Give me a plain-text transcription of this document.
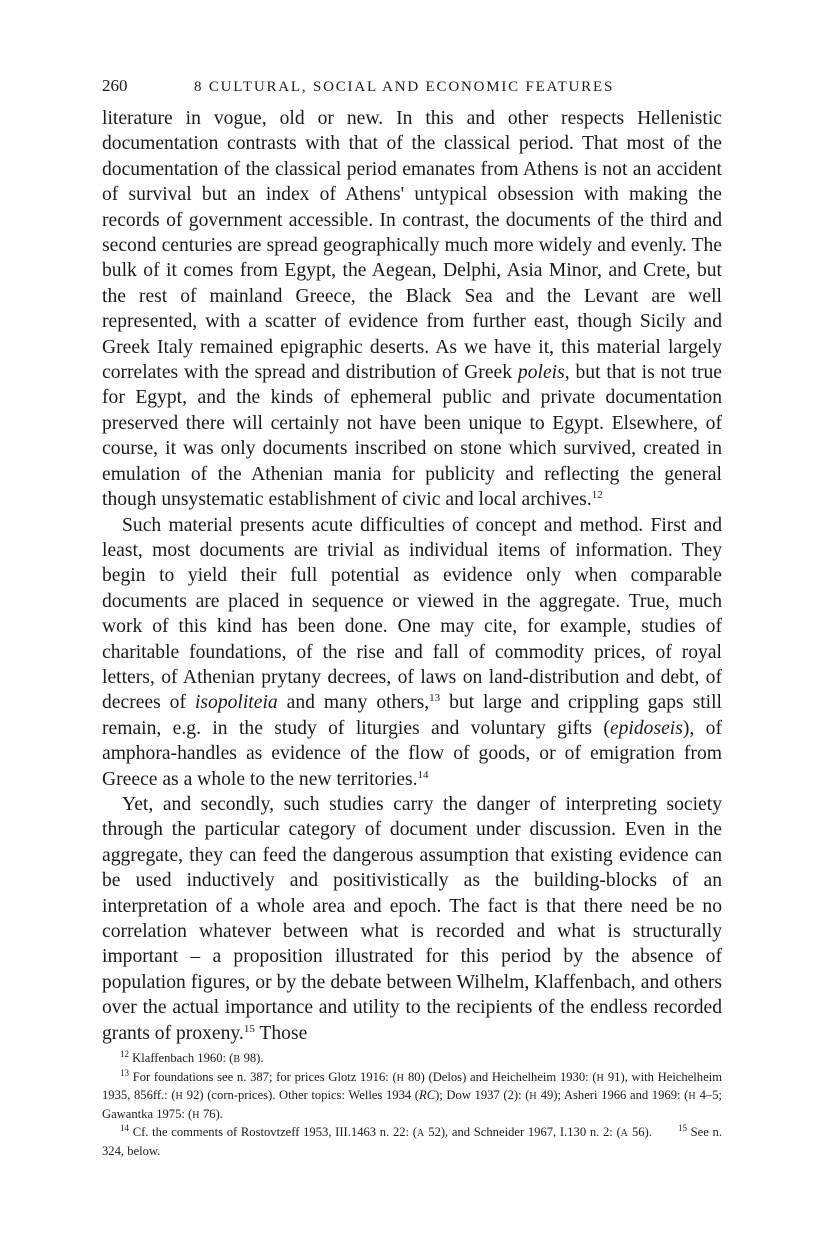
260	8 CULTURAL, SOCIAL AND ECONOMIC FEATURES

literature in vogue, old or new. In this and other respects Hellenistic documentation contrasts with that of the classical period. That most of the documentation of the classical period emanates from Athens is not an accident of survival but an index of Athens' untypical obsession with making the records of government accessible. In contrast, the documents of the third and second centuries are spread geographically much more widely and evenly. The bulk of it comes from Egypt, the Aegean, Delphi, Asia Minor, and Crete, but the rest of mainland Greece, the Black Sea and the Levant are well represented, with a scatter of evidence from further east, though Sicily and Greek Italy remained epigraphic deserts. As we have it, this material largely correlates with the spread and distribution of Greek poleis, but that is not true for Egypt, and the kinds of ephemeral public and private documentation preserved there will certainly not have been unique to Egypt. Elsewhere, of course, it was only documents inscribed on stone which survived, created in emulation of the Athenian mania for publicity and reflecting the general though unsystematic establishment of civic and local archives.$^{12}$

Such material presents acute difficulties of concept and method. First and least, most documents are trivial as individual items of information. They begin to yield their full potential as evidence only when comparable documents are placed in sequence or viewed in the aggregate. True, much work of this kind has been done. One may cite, for example, studies of charitable foundations, of the rise and fall of commodity prices, of royal letters, of Athenian prytany decrees, of laws on land-distribution and debt, of decrees of isopoliteia and many others,$^{13}$ but large and crippling gaps still remain, e.g. in the study of liturgies and voluntary gifts (epidoseis), of amphora-handles as evidence of the flow of goods, or of emigration from Greece as a whole to the new territories.$^{14}$

Yet, and secondly, such studies carry the danger of interpreting society through the particular category of document under discussion. Even in the aggregate, they can feed the dangerous assumption that existing evidence can be used inductively and positivistically as the building-blocks of an interpretation of a whole area and epoch. The fact is that there need be no correlation whatever between what is recorded and what is structurally important – a proposition illustrated for this period by the absence of population figures, or by the debate between Wilhelm, Klaffenbach, and others over the actual importance and utility to the recipients of the endless recorded grants of proxeny.$^{15}$ Those

$^{12}$ Klaffenbach 1960: (B 98).

$^{13}$ For foundations see n. 387; for prices Glotz 1916: (H 80) (Delos) and Heichelheim 1930: (H 91), with Heichelheim 1935, 856ff.: (H 92) (corn-prices). Other topics: Welles 1934 (RC); Dow 1937 (2): (H 49); Asheri 1966 and 1969: (H 4–5; Gawantka 1975: (H 76).

$^{14}$ Cf. the comments of Rostovtzeff 1953, III.1463 n. 22: (A 52), and Schneider 1967, I.130 n. 2: (A 56).	$^{15}$ See n. 324, below.
